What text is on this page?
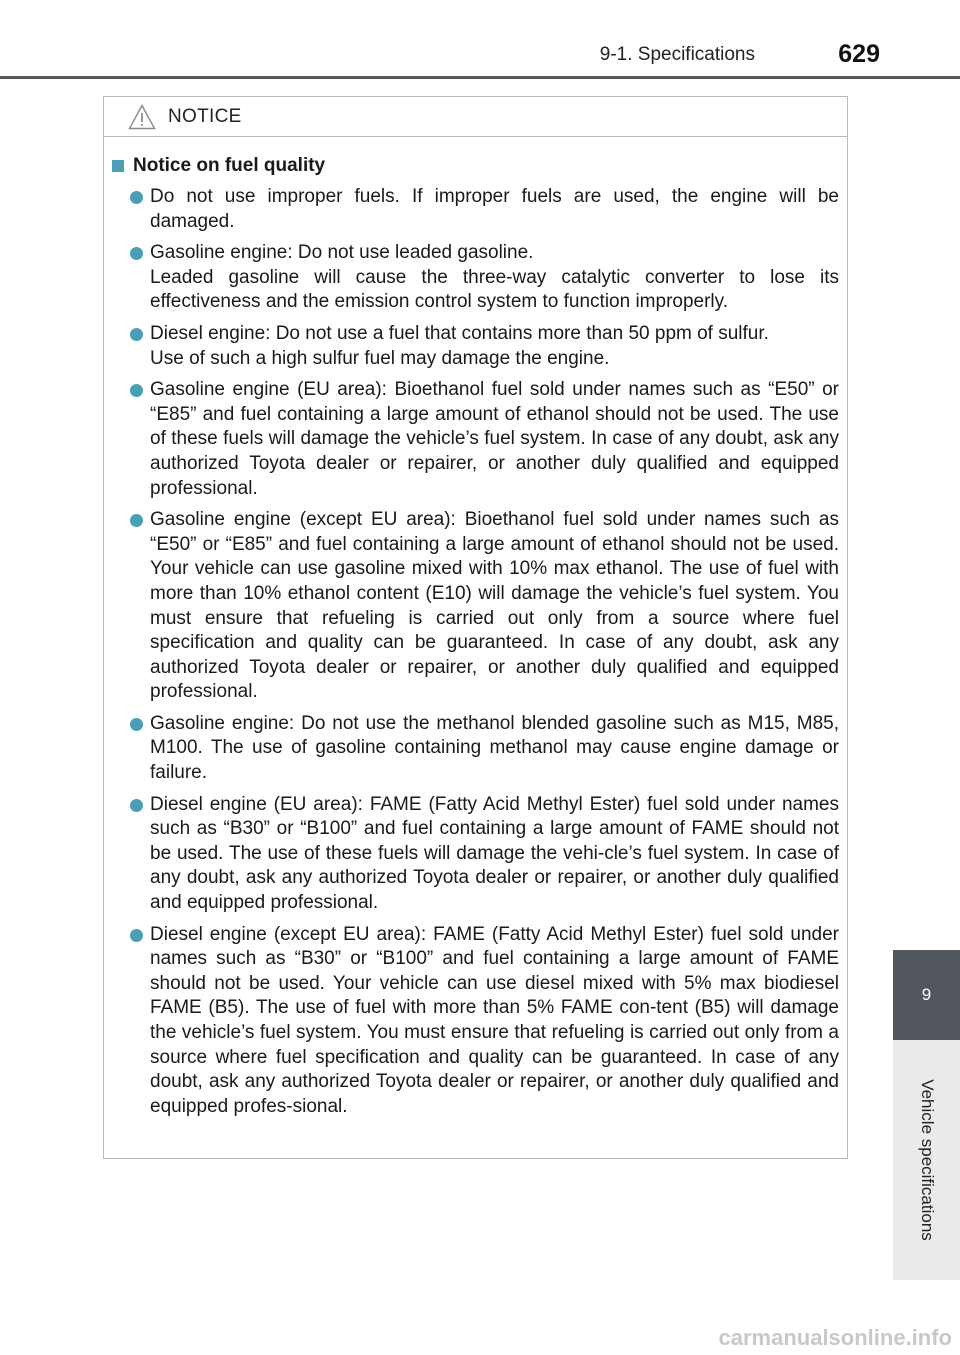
9-1. Specifications	629
NOTICE
Notice on fuel quality

Do not use improper fuels. If improper fuels are used, the engine will be damaged.

Gasoline engine: Do not use leaded gasoline.

Leaded gasoline will cause the three-way catalytic converter to lose its effectiveness and the emission control system to function improperly.

Diesel engine: Do not use a fuel that contains more than 50 ppm of sulfur.

Use of such a high sulfur fuel may damage the engine.

Gasoline engine (EU area): Bioethanol fuel sold under names such as “E50” or “E85” and fuel containing a large amount of ethanol should not be used. The use of these fuels will damage the vehicle’s fuel system. In case of any doubt, ask any authorized Toyota dealer or repairer, or another duly qualified and equipped professional.

Gasoline engine (except EU area): Bioethanol fuel sold under names such as “E50” or “E85” and fuel containing a large amount of ethanol should not be used. Your vehicle can use gasoline mixed with 10% max ethanol. The use of fuel with more than 10% ethanol content (E10) will damage the vehicle’s fuel system. You must ensure that refueling is carried out only from a source where fuel specification and quality can be guaranteed. In case of any doubt, ask any authorized Toyota dealer or repairer, or another duly qualified and equipped professional.

Gasoline engine: Do not use the methanol blended gasoline such as M15, M85, M100. The use of gasoline containing methanol may cause engine damage or failure.

Diesel engine (EU area): FAME (Fatty Acid Methyl Ester) fuel sold under names such as “B30” or “B100” and fuel containing a large amount of FAME should not be used. The use of these fuels will damage the vehi-cle’s fuel system. In case of any doubt, ask any authorized Toyota dealer or repairer, or another duly qualified and equipped professional.

Diesel engine (except EU area): FAME (Fatty Acid Methyl Ester) fuel sold under names such as “B30” or “B100” and fuel containing a large amount of FAME should not be used. Your vehicle can use diesel mixed with 5% max biodiesel FAME (B5). The use of fuel with more than 5% FAME con-tent (B5) will damage the vehicle’s fuel system. You must ensure that refueling is carried out only from a source where fuel specification and quality can be guaranteed. In case of any doubt, ask any authorized Toyota dealer or repairer, or another duly qualified and equipped profes-sional.

9
Vehicle specifications
carmanualsonline.info
